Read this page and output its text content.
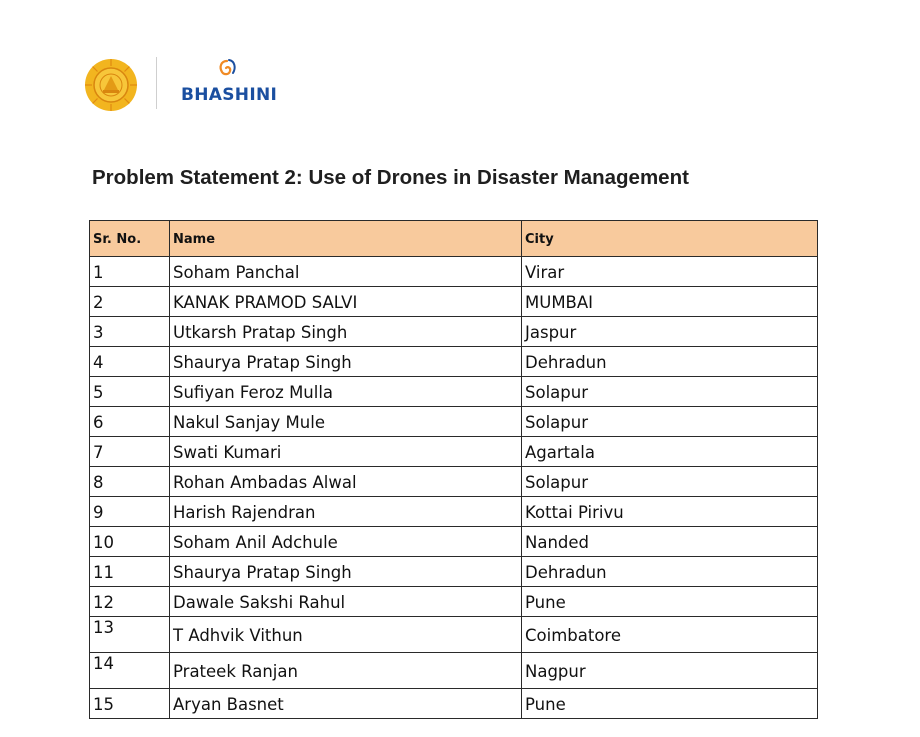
BHASHINI
Problem Statement 2: Use of Drones in Disaster Management
Sr. No.	Name	City
1	Soham Panchal	Virar
2	KANAK PRAMOD SALVI	MUMBAI
3	Utkarsh Pratap Singh	Jaspur
4	Shaurya Pratap Singh	Dehradun
5	Sufiyan Feroz Mulla	Solapur
6	Nakul Sanjay Mule	Solapur
7	Swati Kumari	Agartala
8	Rohan Ambadas Alwal	Solapur
9	Harish Rajendran	Kottai Pirivu
10	Soham Anil Adchule	Nanded
11	Shaurya Pratap Singh	Dehradun
12	Dawale Sakshi Rahul	Pune
13	T Adhvik Vithun	Coimbatore
14	Prateek Ranjan	Nagpur
15	Aryan Basnet	Pune
